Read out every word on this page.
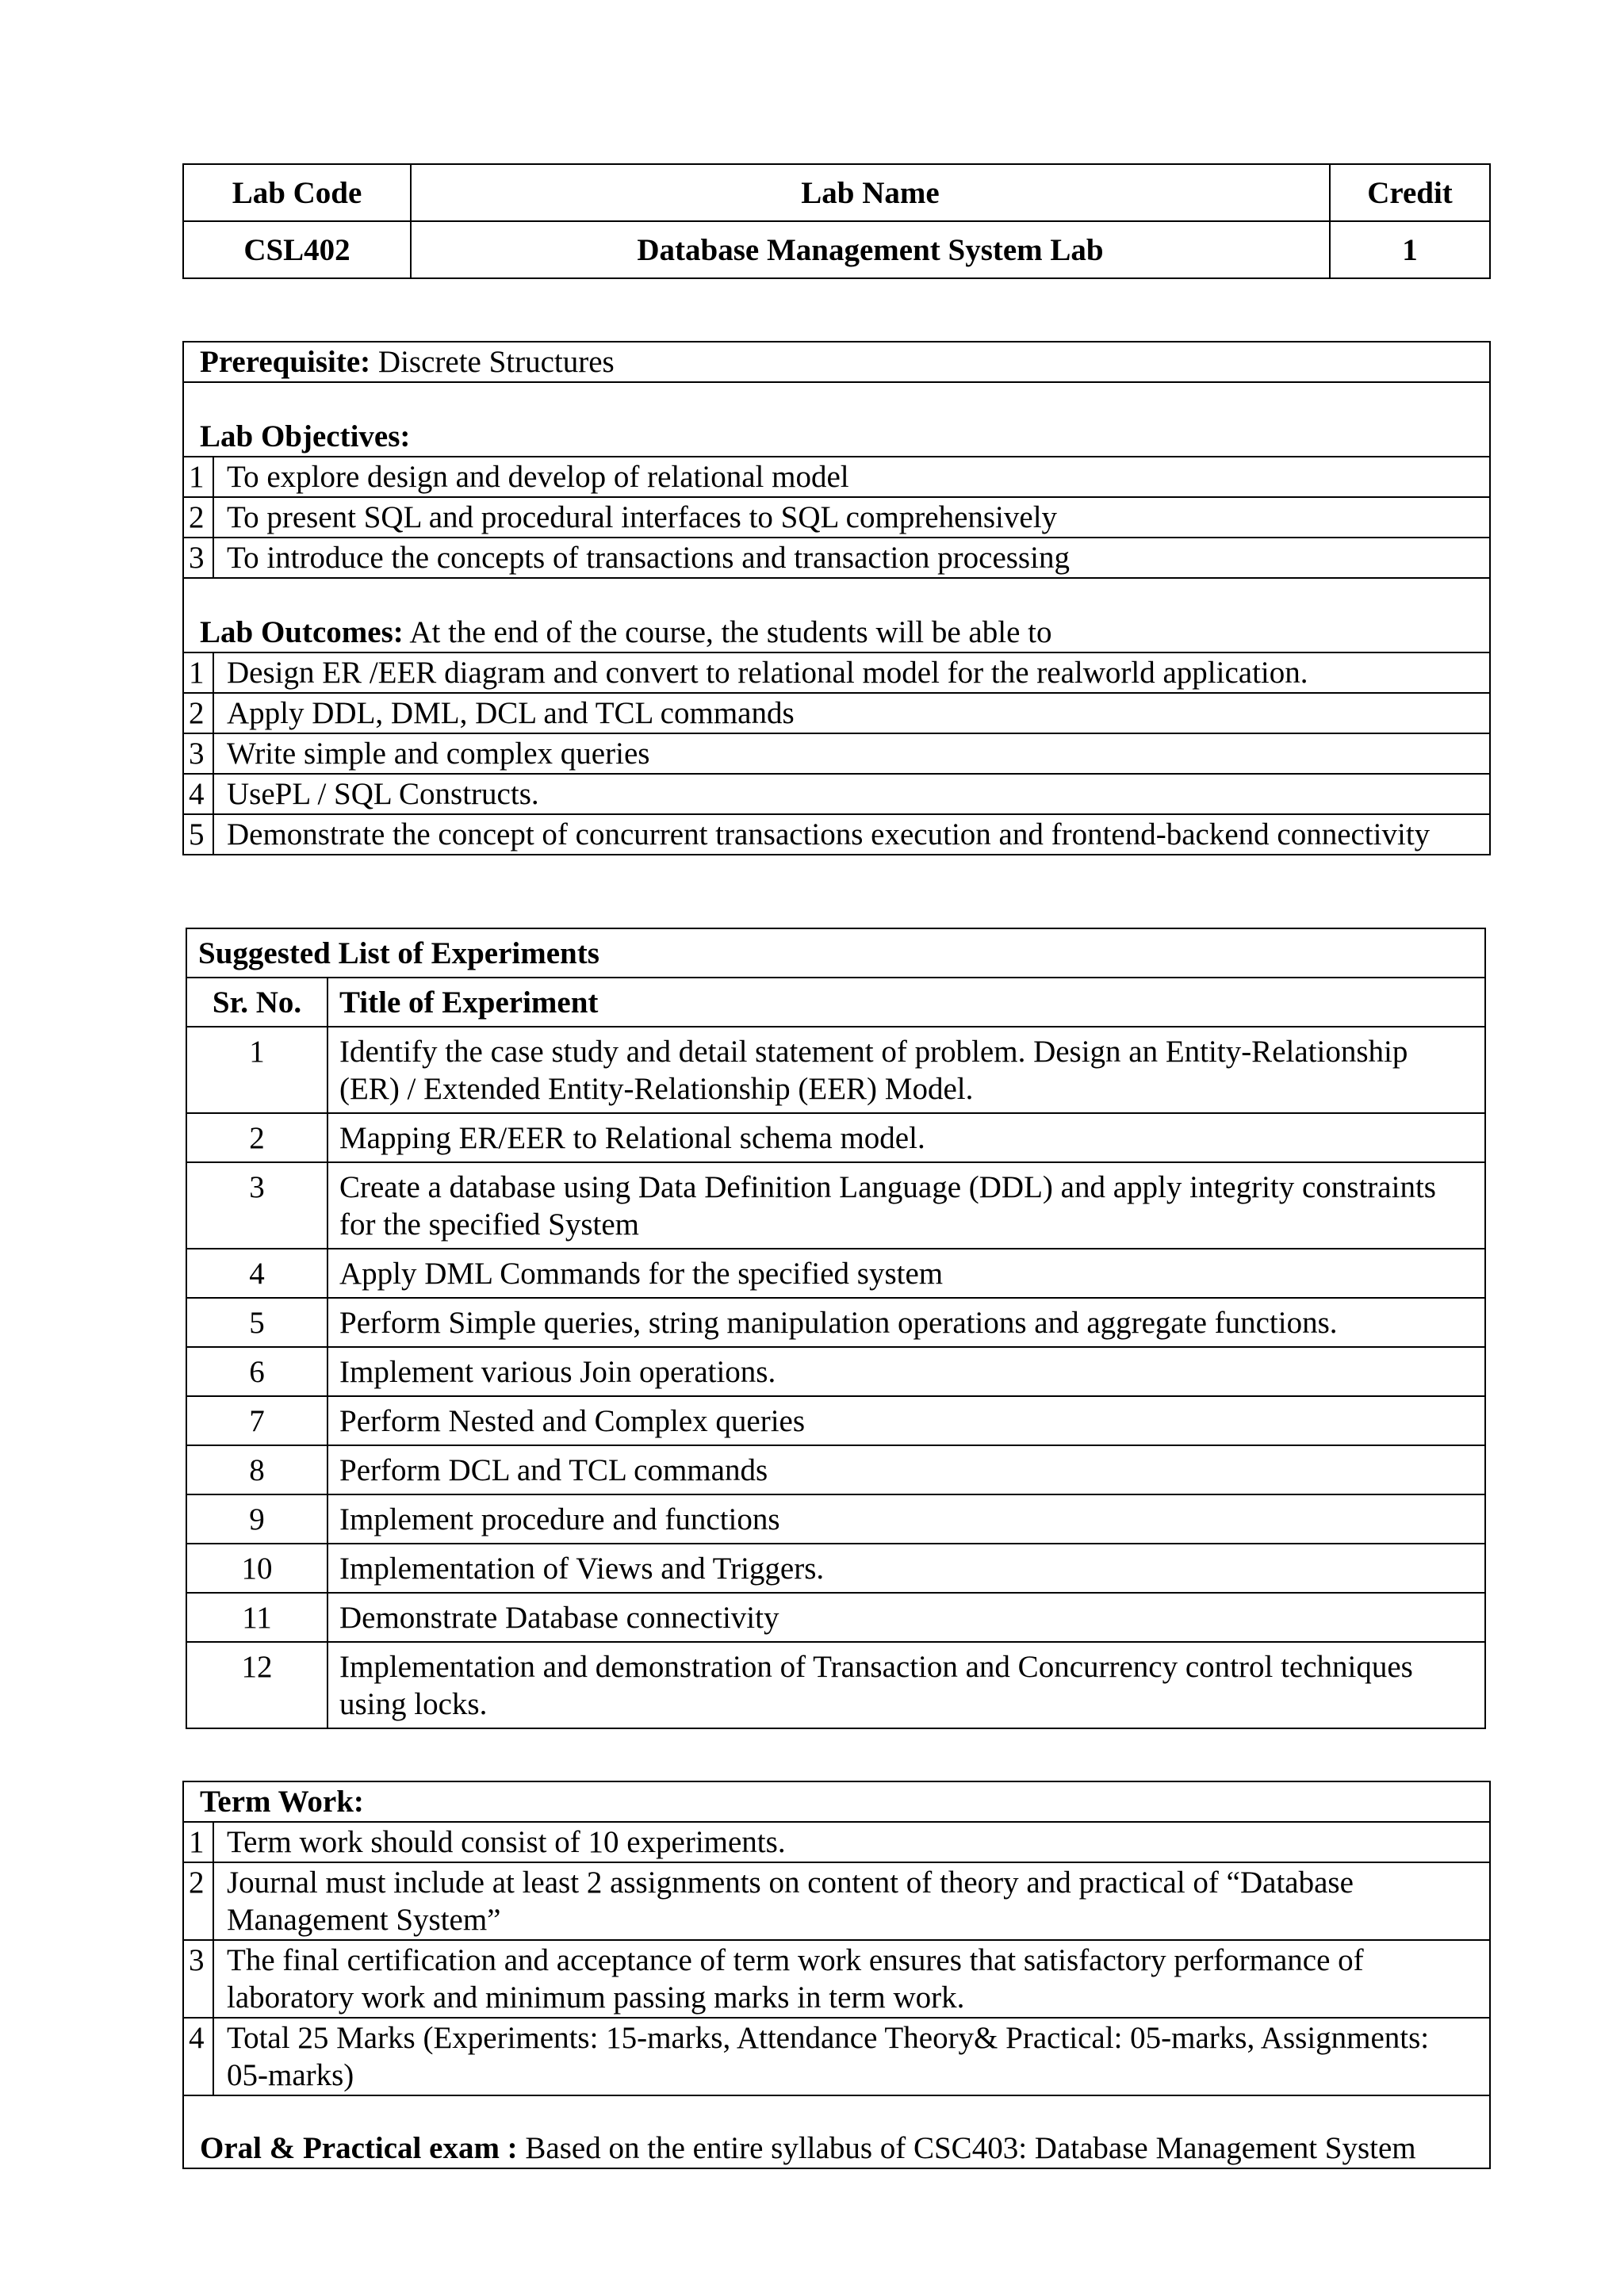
Lab Code	Lab Name	Credit
CSL402	Database Management System Lab	1
Prerequisite: Discrete Structures	
Lab Objectives:	
1	To explore design and develop of relational model
2	To present SQL and procedural interfaces to SQL comprehensively
3	To introduce the concepts of transactions and transaction processing
Lab Outcomes: At the end of the course, the students will be able to	
1	Design ER /EER diagram and convert to relational model for the realworld application.
2	Apply DDL, DML, DCL and TCL commands
3	Write simple and complex queries
4	UsePL / SQL Constructs.
5	Demonstrate the concept of concurrent transactions execution and frontend-backend connectivity
Suggested List of Experiments	
Sr. No.	Title of Experiment
1	Identify the case study and detail statement of problem. Design an Entity-Relationship (ER) / Extended Entity-Relationship (EER) Model.
2	Mapping ER/EER to Relational schema model.
3	Create a database using Data Definition Language (DDL) and apply integrity constraints for the specified System
4	Apply DML Commands for the specified system
5	Perform Simple queries, string manipulation operations and aggregate functions.
6	Implement various Join operations.
7	Perform Nested and Complex queries
8	Perform DCL and TCL commands
9	Implement procedure and functions
10	Implementation of Views and Triggers.
11	Demonstrate Database connectivity
12	Implementation and demonstration of Transaction and Concurrency control techniques using locks.
Term Work:	
1	Term work should consist of 10 experiments.
2	Journal must include at least 2 assignments on content of theory and practical of “Database Management System”
3	The final certification and acceptance of term work ensures that satisfactory performance of laboratory work and minimum passing marks in term work.
4	Total 25 Marks (Experiments: 15-marks, Attendance Theory& Practical: 05-marks, Assignments: 05-marks)
Oral & Practical exam : Based on the entire syllabus of CSC403: Database Management System	
